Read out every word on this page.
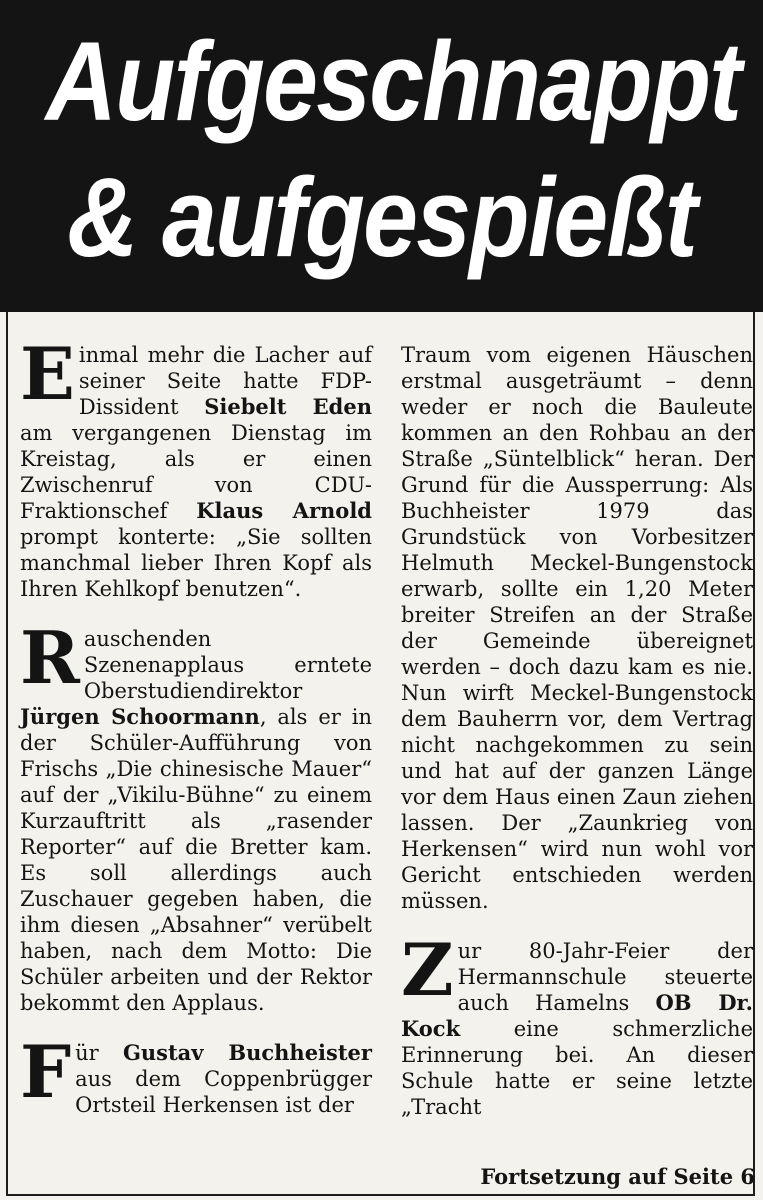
Aufgeschnappt
& aufgespießt

Einmal mehr die Lacher auf seiner Seite hatte FDP-Dissident Siebelt Eden am vergangenen Dienstag im Kreistag, als er einen Zwischenruf von CDU-Fraktionschef Klaus Arnold prompt konterte: „Sie sollten manchmal lieber Ihren Kopf als Ihren Kehlkopf benutzen“.

Rauschenden Szenenapplaus erntete Oberstudiendirektor Jürgen Schoormann, als er in der Schüler-Aufführung von Frischs „Die chinesische Mauer“ auf der „Vikilu-Bühne“ zu einem Kurzauftritt als „rasender Reporter“ auf die Bretter kam. Es soll allerdings auch Zuschauer gegeben haben, die ihm diesen „Absahner“ verübelt haben, nach dem Motto: Die Schüler arbeiten und der Rektor bekommt den Applaus.

Für Gustav Buchheister aus dem Coppenbrügger Ortsteil Herkensen ist der

Traum vom eigenen Häuschen erstmal ausgeträumt – denn weder er noch die Bauleute kommen an den Rohbau an der Straße „Süntelblick“ heran. Der Grund für die Aussperrung: Als Buchheister 1979 das Grundstück von Vorbesitzer Helmuth Meckel-Bungenstock erwarb, sollte ein 1,20 Meter breiter Streifen an der Straße der Gemeinde übereignet werden – doch dazu kam es nie. Nun wirft Meckel-Bungenstock dem Bauherrn vor, dem Vertrag nicht nachgekommen zu sein und hat auf der ganzen Länge vor dem Haus einen Zaun ziehen lassen. Der „Zaunkrieg von Herkensen“ wird nun wohl vor Gericht entschieden werden müssen.

Zur 80-Jahr-Feier der Hermannschule steuerte auch Hamelns OB Dr. Kock eine schmerzliche Erinnerung bei. An dieser Schule hatte er seine letzte „Tracht

Fortsetzung auf Seite 6
